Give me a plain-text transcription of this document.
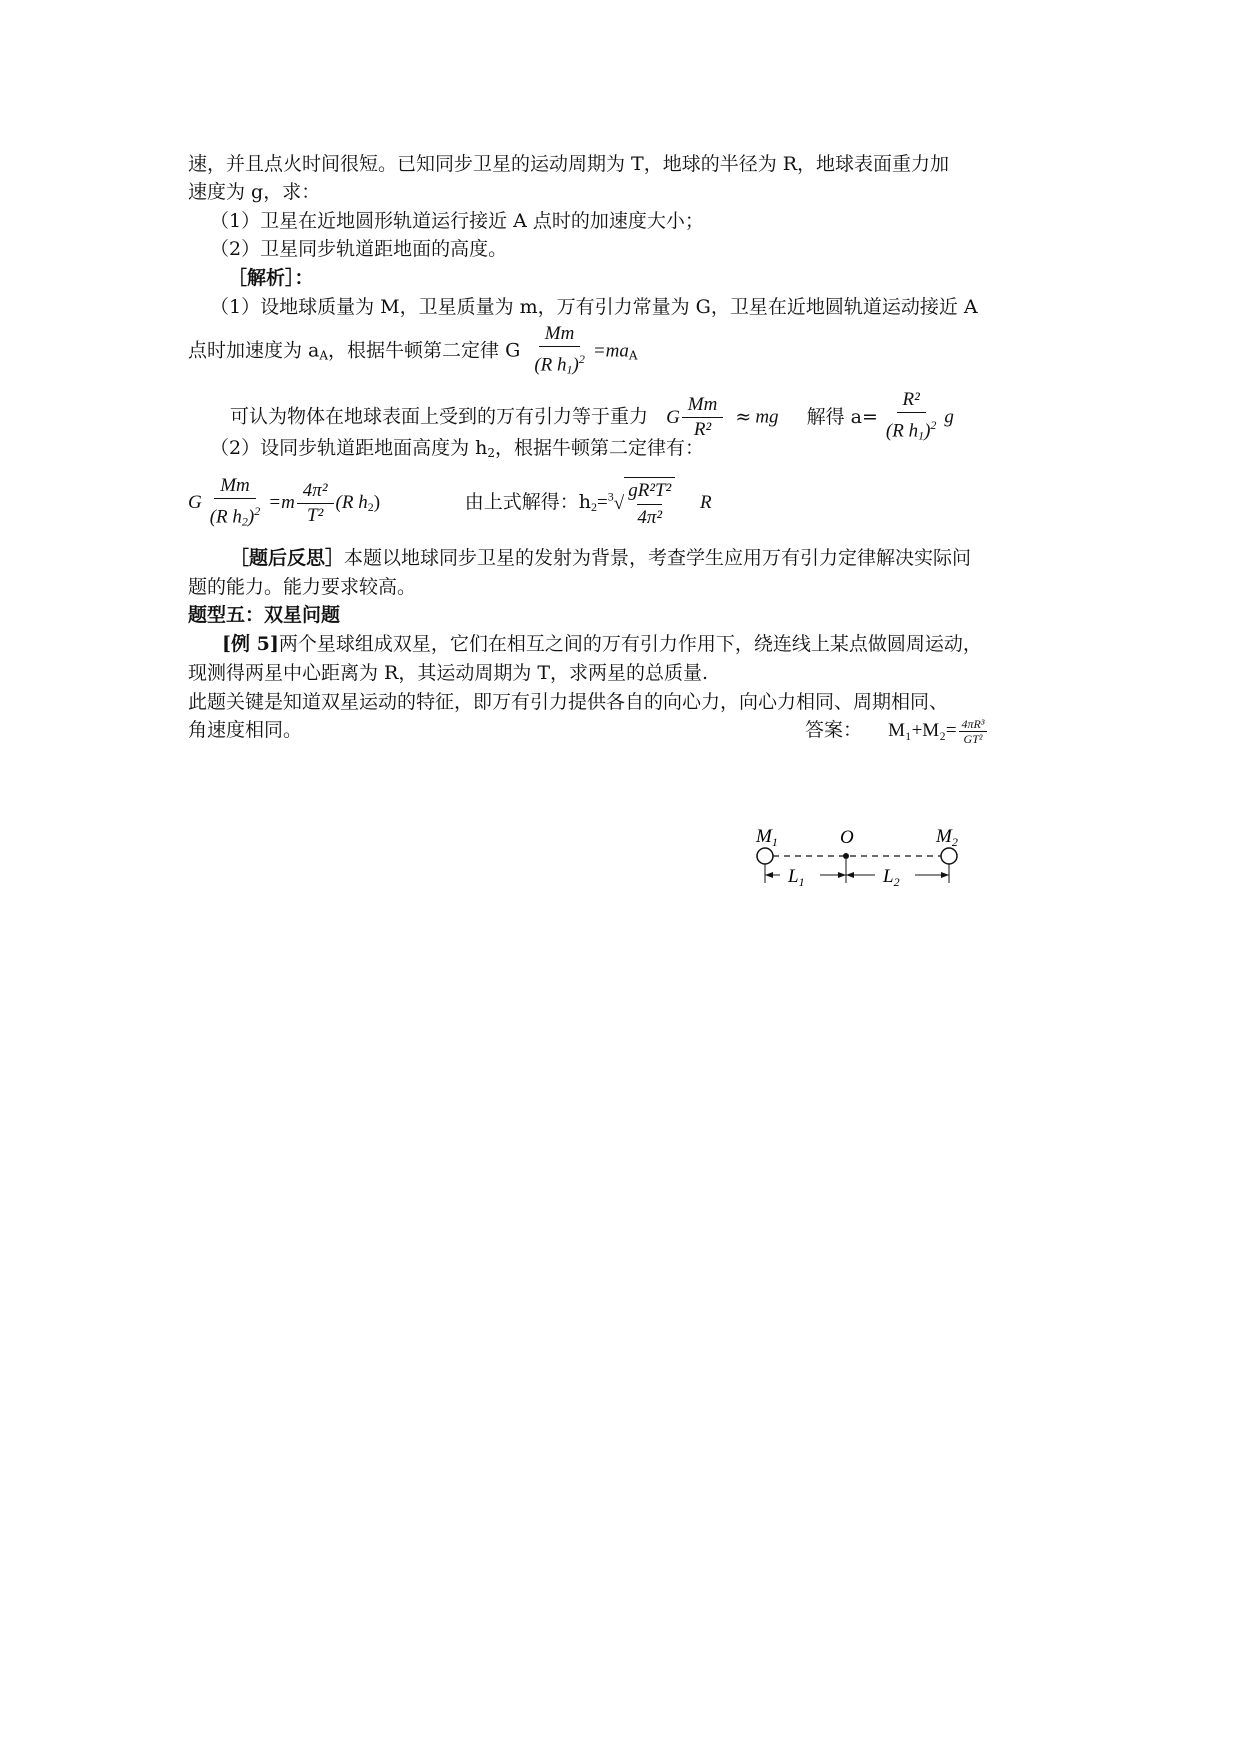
速，并且点火时间很短。已知同步卫星的运动周期为 T，地球的半径为 R，地球表面重力加
速度为 g，求：
（1）卫星在近地圆形轨道运行接近 A 点时的加速度大小；
（2）卫星同步轨道距地面的高度。
［解析］：
（1）设地球质量为 M，卫星质量为 m，万有引力常量为 G，卫星在近地圆轨道运动接近 A
点时加速度为 $a_A$，根据牛顿第二定律 G $\frac{Mm}{(R h_1)^2} =ma_A$
可认为物体在地球表面上受到的万有引力等于重力 G $\frac{Mm}{\text{R²}}$ ≈ mg 解得 $a= \frac{\text{R²}}{(R h_1)^2}$ g
（2）设同步轨道距地面高度为 $h_2$，根据牛顿第二定律有：
G $\frac{Mm}{(R h_2)^2} =m \frac{\text{4π²}}{\text{T²}} (R$ $h_2$)	由上式解得：$h_2=^3√ \frac{\text{gR²T²}}{\text{4π²}}$ R
［题后反思］本题以地球同步卫星的发射为背景，考查学生应用万有引力定律解决实际问
题的能力。能力要求较高。
题型五：双星问题
[例 5]两个星球组成双星，它们在相互之间的万有引力作用下，绕连线上某点做圆周运动，
现测得两星中心距离为 R，其运动周期为 T，求两星的总质量.
此题关键是知道双星运动的特征，即万有引力提供各自的向心力，向心力相同、周期相同、
角速度相同。	答案： $M_1+M_2= \frac{\text{4πR³}}{\text{GT²}}$
$M_1$	O	$M_2$
$L_1$	$L_2$
